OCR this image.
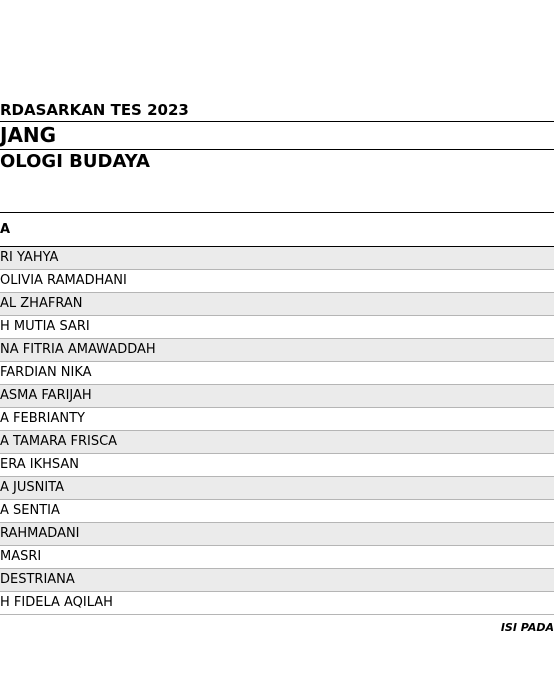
RDASARKAN TES 2023
JANG
OLOGI BUDAYA
A
RI YAHYA
OLIVIA RAMADHANI
AL ZHAFRAN
H MUTIA SARI
NA FITRIA AMAWADDAH
FARDIAN NIKA
ASMA FARIJAH
A FEBRIANTY
A TAMARA FRISCA
ERA IKHSAN
A JUSNITA
A SENTIA
RAHMADANI
MASRI
DESTRIANA
H FIDELA AQILAH
ISI PADA
